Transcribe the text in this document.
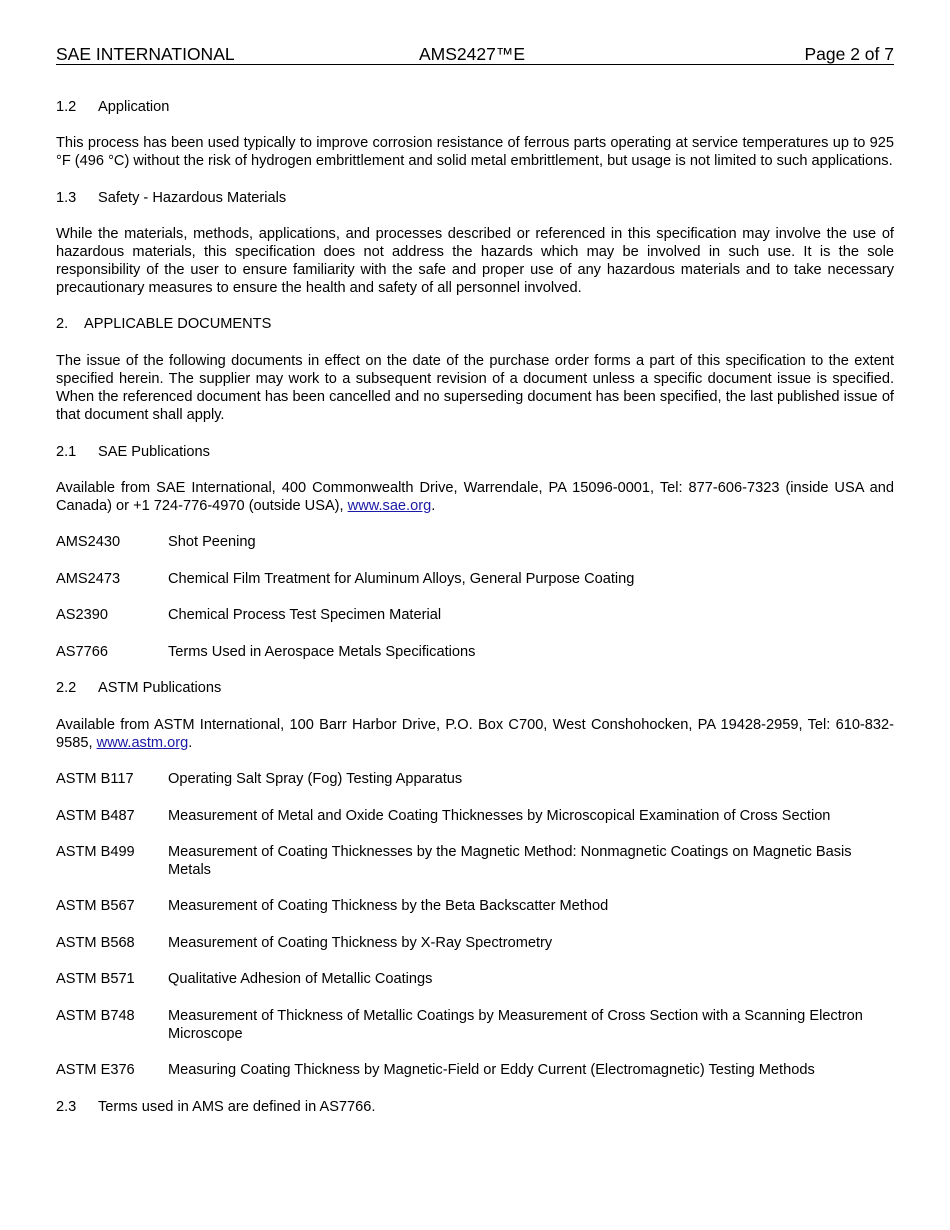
SAE INTERNATIONAL	AMS2427™E	Page 2 of 7

1.2 Application

This process has been used typically to improve corrosion resistance of ferrous parts operating at service temperatures up to 925 °F (496 °C) without the risk of hydrogen embrittlement and solid metal embrittlement, but usage is not limited to such applications.

1.3 Safety - Hazardous Materials

While the materials, methods, applications, and processes described or referenced in this specification may involve the use of hazardous materials, this specification does not address the hazards which may be involved in such use. It is the sole responsibility of the user to ensure familiarity with the safe and proper use of any hazardous materials and to take necessary precautionary measures to ensure the health and safety of all personnel involved.

2. APPLICABLE DOCUMENTS

The issue of the following documents in effect on the date of the purchase order forms a part of this specification to the extent specified herein. The supplier may work to a subsequent revision of a document unless a specific document issue is specified. When the referenced document has been cancelled and no superseding document has been specified, the last published issue of that document shall apply.

2.1 SAE Publications

Available from SAE International, 400 Commonwealth Drive, Warrendale, PA 15096-0001, Tel: 877-606-7323 (inside USA and Canada) or +1 724-776-4970 (outside USA), www.sae.org.

AMS2430	Shot Peening

AMS2473	Chemical Film Treatment for Aluminum Alloys, General Purpose Coating

AS2390	Chemical Process Test Specimen Material

AS7766	Terms Used in Aerospace Metals Specifications

2.2 ASTM Publications

Available from ASTM International, 100 Barr Harbor Drive, P.O. Box C700, West Conshohocken, PA 19428-2959, Tel: 610-832-9585, www.astm.org.

ASTM B117 Operating Salt Spray (Fog) Testing Apparatus

ASTM B487 Measurement of Metal and Oxide Coating Thicknesses by Microscopical Examination of Cross Section

ASTM B499 Measurement of Coating Thicknesses by the Magnetic Method: Nonmagnetic Coatings on Magnetic Basis Metals

ASTM B567 Measurement of Coating Thickness by the Beta Backscatter Method

ASTM B568 Measurement of Coating Thickness by X-Ray Spectrometry

ASTM B571 Qualitative Adhesion of Metallic Coatings

ASTM B748 Measurement of Thickness of Metallic Coatings by Measurement of Cross Section with a Scanning Electron Microscope

ASTM E376 Measuring Coating Thickness by Magnetic-Field or Eddy Current (Electromagnetic) Testing Methods

2.3 Terms used in AMS are defined in AS7766.
